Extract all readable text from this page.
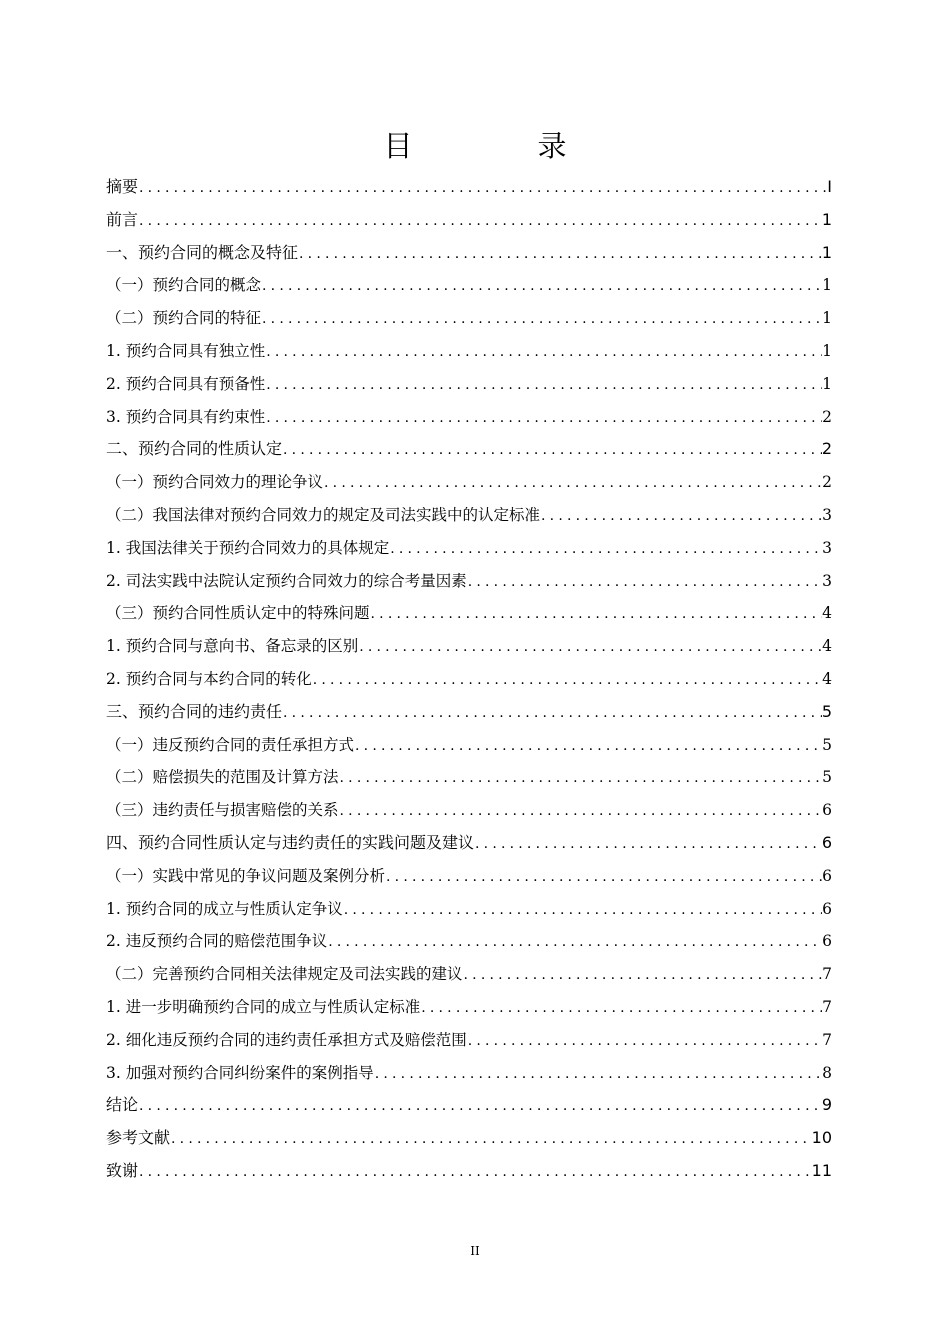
目　录
摘要 .....	I
前言 .....	1
一、预约合同的概念及特征 .....	1
（一）预约合同的概念 .....	1
（二）预约合同的特征 .....	1
1. 预约合同具有独立性 .....	1
2. 预约合同具有预备性 .....	1
3. 预约合同具有约束性 .....	2
二、预约合同的性质认定 .....	2
（一）预约合同效力的理论争议 .....	2
（二）我国法律对预约合同效力的规定及司法实践中的认定标准 .....	3
1. 我国法律关于预约合同效力的具体规定 .....	3
2. 司法实践中法院认定预约合同效力的综合考量因素 .....	3
（三）预约合同性质认定中的特殊问题 .....	4
1. 预约合同与意向书、备忘录的区别 .....	4
2. 预约合同与本约合同的转化 .....	4
三、预约合同的违约责任 .....	5
（一）违反预约合同的责任承担方式 .....	5
（二）赔偿损失的范围及计算方法 .....	5
（三）违约责任与损害赔偿的关系 .....	6
四、预约合同性质认定与违约责任的实践问题及建议 .....	6
（一）实践中常见的争议问题及案例分析 .....	6
1. 预约合同的成立与性质认定争议 .....	6
2. 违反预约合同的赔偿范围争议 .....	6
（二）完善预约合同相关法律规定及司法实践的建议 .....	7
1. 进一步明确预约合同的成立与性质认定标准 .....	7
2. 细化违反预约合同的违约责任承担方式及赔偿范围 .....	7
3. 加强对预约合同纠纷案件的案例指导 .....	8
结论 .....	9
参考文献 .....	10
致谢 .....	11
II
